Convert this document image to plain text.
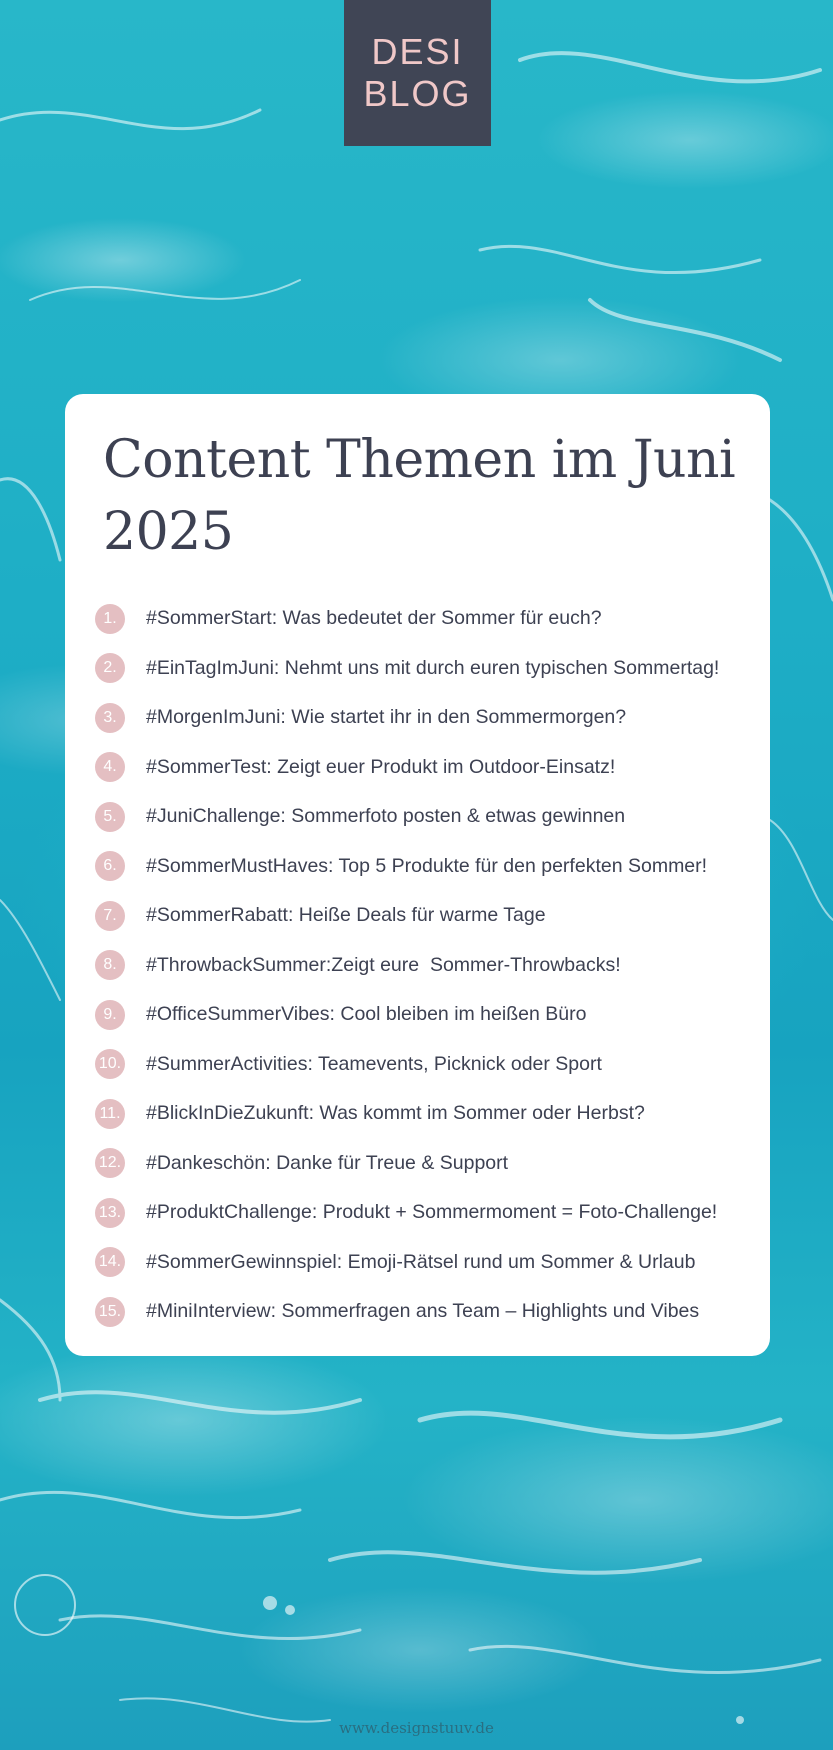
DESI
BLOG
Content Themen im Juni 2025
1.	#SommerStart: Was bedeutet der Sommer für euch?
2.	#EinTagImJuni: Nehmt uns mit durch euren typischen Sommertag!
3.	#MorgenImJuni: Wie startet ihr in den Sommermorgen?
4.	#SommerTest: Zeigt euer Produkt im Outdoor-Einsatz!
5.	#JuniChallenge: Sommerfoto posten & etwas gewinnen
6.	#SommerMustHaves: Top 5 Produkte für den perfekten Sommer!
7.	#SommerRabatt: Heiße Deals für warme Tage
8.	#ThrowbackSummer:Zeigt eure  Sommer-Throwbacks!
9.	#OfficeSummerVibes: Cool bleiben im heißen Büro
10. #SummerActivities: Teamevents, Picknick oder Sport
11. #BlickInDieZukunft: Was kommt im Sommer oder Herbst?
12. #Dankeschön: Danke für Treue & Support
13. #ProduktChallenge: Produkt + Sommermoment = Foto-Challenge!
14. #SommerGewinnspiel: Emoji-Rätsel rund um Sommer & Urlaub
15. #MiniInterview: Sommerfragen ans Team – Highlights und Vibes
www.designstuuv.de
